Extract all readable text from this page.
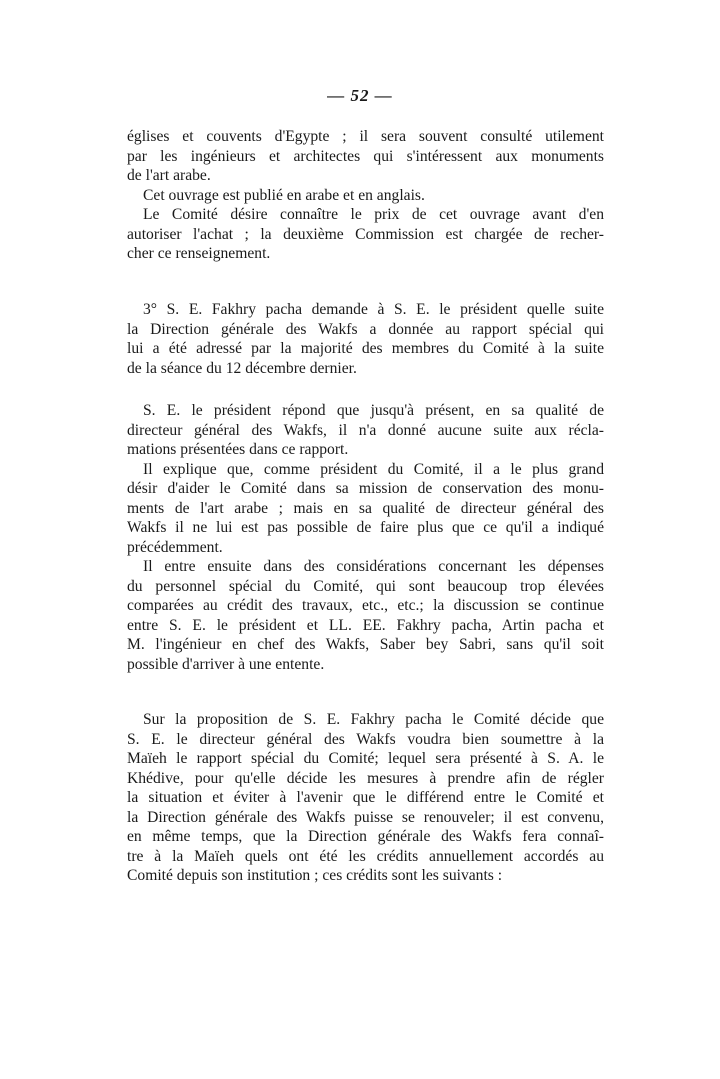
— 52 —
églises et couvents d'Egypte ; il sera souvent consulté utilement
par les ingénieurs et architectes qui s'intéressent aux monuments
de l'art arabe.
Cet ouvrage est publié en arabe et en anglais.
Le Comité désire connaître le prix de cet ouvrage avant d'en
autoriser l'achat ; la deuxième Commission est chargée de recher-
cher ce renseignement.
3° S. E. Fakhry pacha demande à S. E. le président quelle suite
la Direction générale des Wakfs a donnée au rapport spécial qui
lui a été adressé par la majorité des membres du Comité à la suite
de la séance du 12 décembre dernier.
S. E. le président répond que jusqu'à présent, en sa qualité de
directeur général des Wakfs, il n'a donné aucune suite aux récla-
mations présentées dans ce rapport.
Il explique que, comme président du Comité, il a le plus grand
désir d'aider le Comité dans sa mission de conservation des monu-
ments de l'art arabe ; mais en sa qualité de directeur général des
Wakfs il ne lui est pas possible de faire plus que ce qu'il a indiqué
précédemment.
Il entre ensuite dans des considérations concernant les dépenses
du personnel spécial du Comité, qui sont beaucoup trop élevées
comparées au crédit des travaux, etc., etc.; la discussion se continue
entre S. E. le président et LL. EE. Fakhry pacha, Artin pacha et
M. l'ingénieur en chef des Wakfs, Saber bey Sabri, sans qu'il soit
possible d'arriver à une entente.
Sur la proposition de S. E. Fakhry pacha le Comité décide que
S. E. le directeur général des Wakfs voudra bien soumettre à la
Maïeh le rapport spécial du Comité; lequel sera présenté à S. A. le
Khédive, pour qu'elle décide les mesures à prendre afin de régler
la situation et éviter à l'avenir que le différend entre le Comité et
la Direction générale des Wakfs puisse se renouveler; il est convenu,
en même temps, que la Direction générale des Wakfs fera connaî-
tre à la Maïeh quels ont été les crédits annuellement accordés au
Comité depuis son institution ; ces crédits sont les suivants :
